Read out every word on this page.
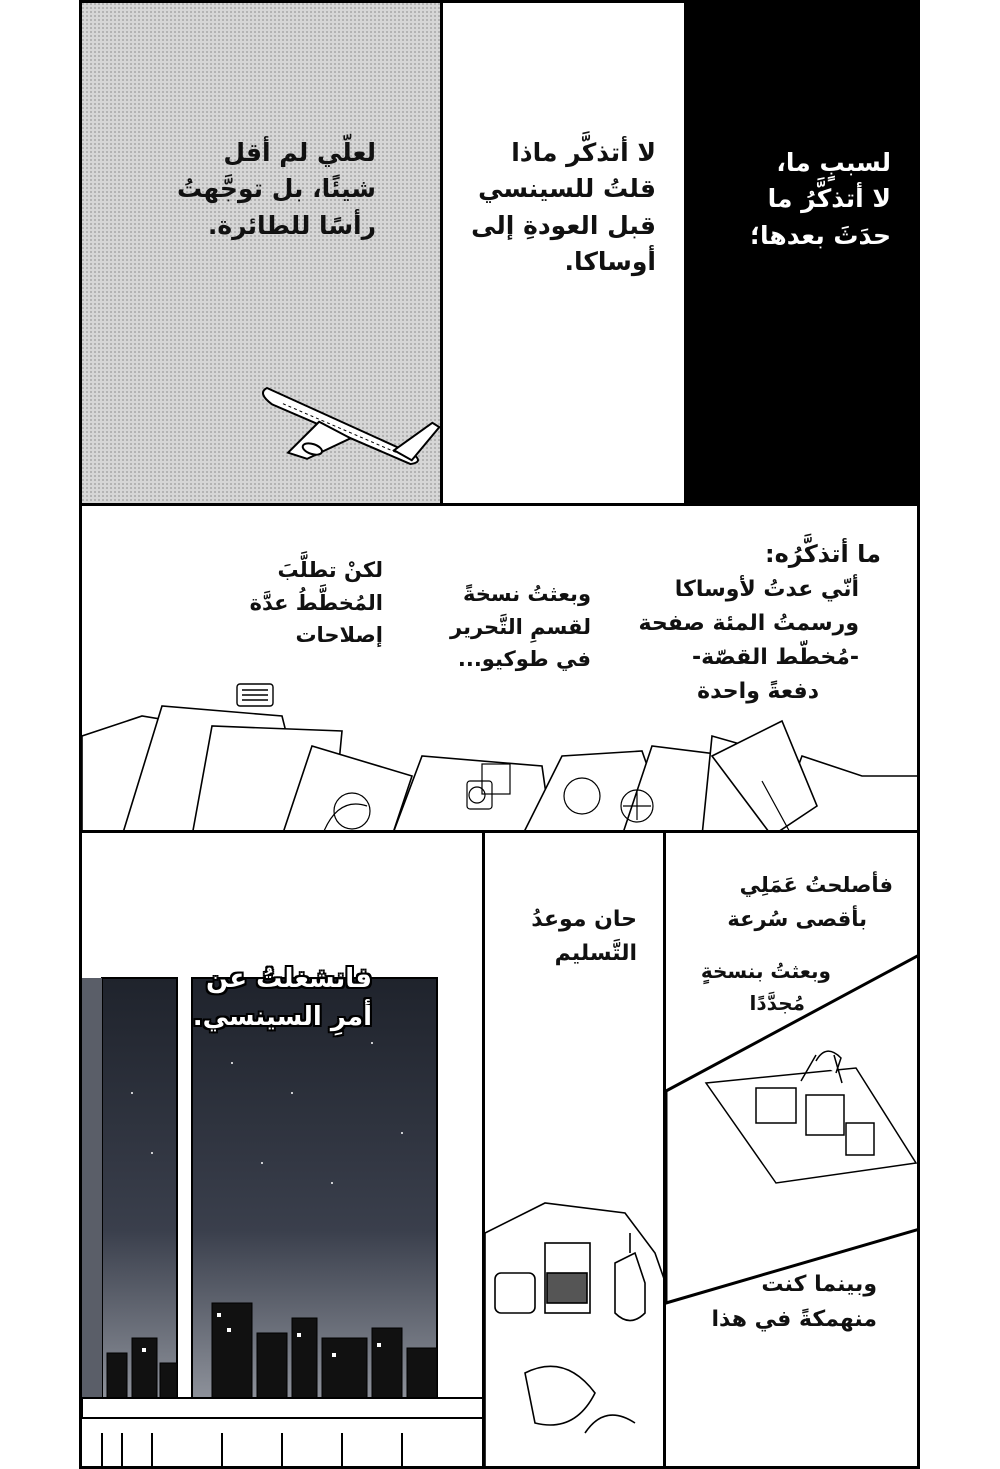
لعلّي لم أقل
شيئًا، بل توجَّهتُ
رأسًا للطائرة.
لا أتذكَّر ماذا
قلتُ للسينسي
قبل العودةِ إلى
أوساكا.
لسببٍ ما،
لا أتذكَّرُ ما
حدَثَ بعدها؛
ما أتذكَّرُه:
أنّي عدتُ لأوساكا
ورسمتُ المئة صفحة
-مُخطّط القصّة-
دفعةً واحدة
وبعثتُ نسخةً
لقسمِ التَّحرير
في طوكيو...
لكنْ تطلَّبَ
المُخطَّطُ عدَّة
إصلاحات
فانشغلتُ عن
أمرِ السينسي.
حان موعدُ
التَّسليم
فأصلحتُ عَمَلِي
بأقصى سُرعة
وبعثتُ بنسخةٍ
مُجدَّدًا
وبينما كنت
منهمكةً في هذا
